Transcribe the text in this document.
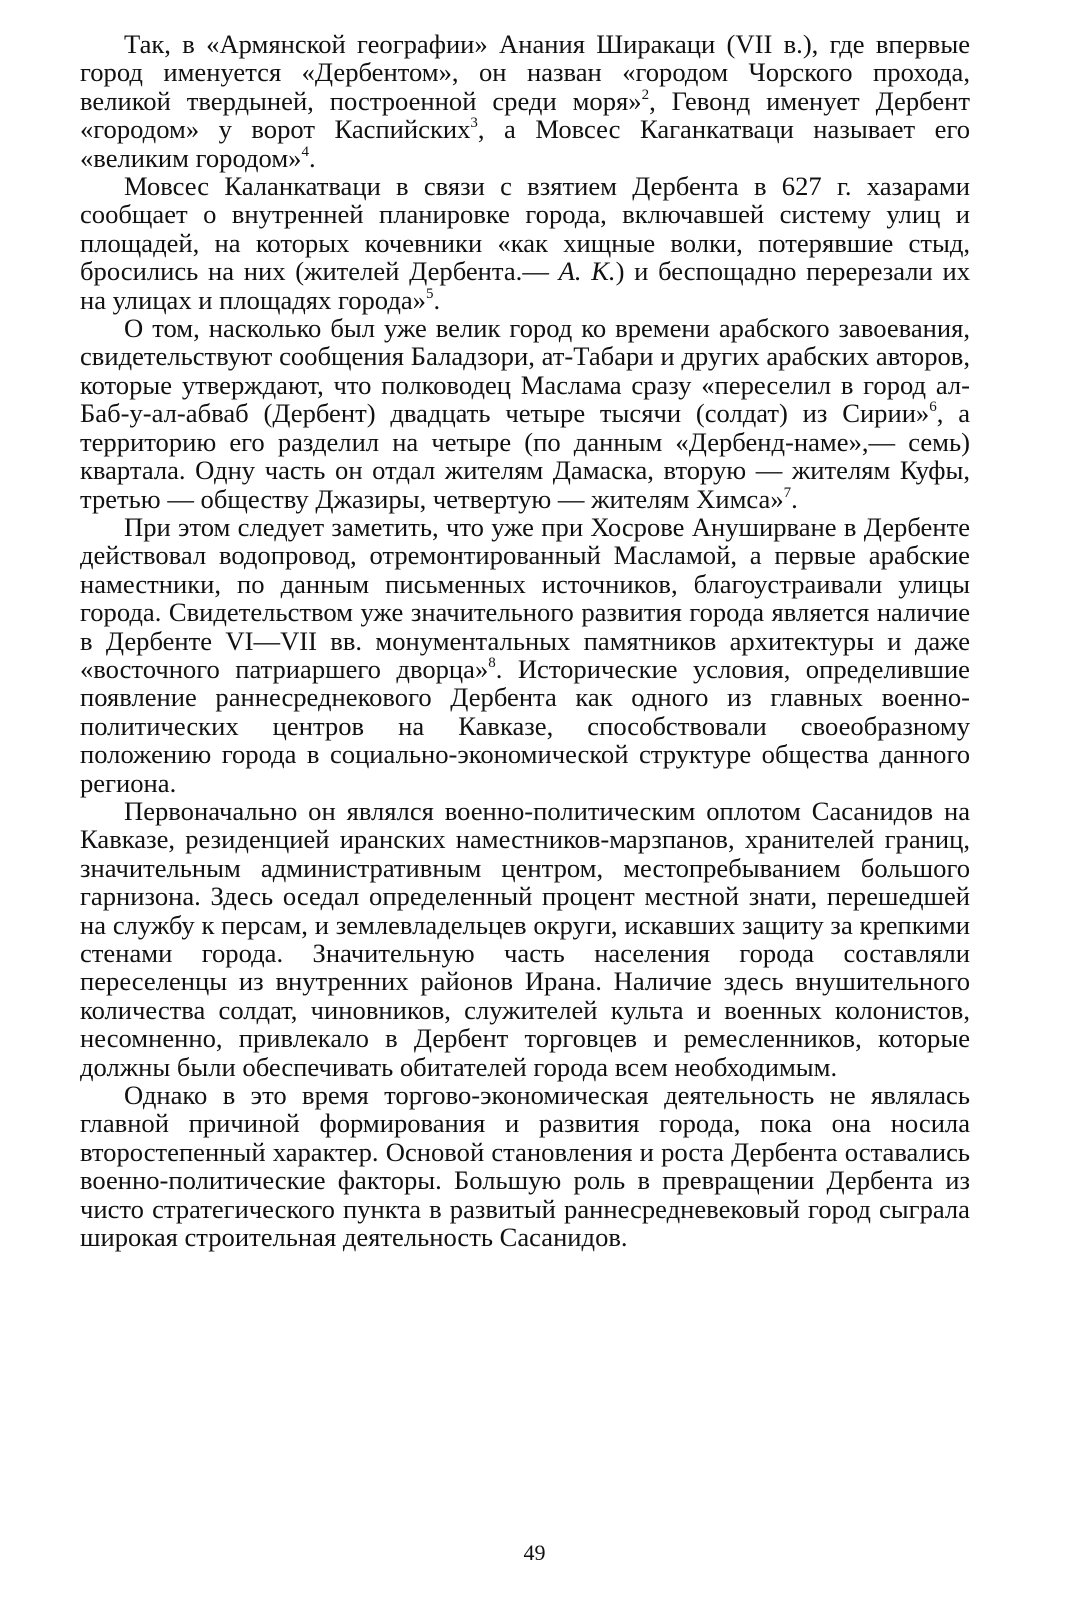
Так, в «Армянской географии» Анания Ширакаци (VII в.), где впервые город именуется «Дербентом», он назван «городом Чорского прохода, великой твердыней, построенной среди моря»$^2$, Гевонд именует Дербент «городом» у ворот Каспийских$^3$, а Мовсес Каганкатваци называет его «великим городом»$^4$.

Мовсес Каланкатваци в связи с взятием Дербента в 627 г. хазарами сообщает о внутренней планировке города, включавшей систему улиц и площадей, на которых кочевники «как хищные волки, потерявшие стыд, бросились на них (жителей Дербента.— А. К.) и беспощадно перерезали их на улицах и площадях города»$^5$.

О том, насколько был уже велик город ко времени арабского завоевания, свидетельствуют сообщения Баладзори, ат-Табари и других арабских авторов, которые утверждают, что полководец Маслама сразу «переселил в город ал-Баб-у-ал-абваб (Дербент) двадцать четыре тысячи (солдат) из Сирии»$^6$, а территорию его разделил на четыре (по данным «Дербенд-наме»,— семь) квартала. Одну часть он отдал жителям Дамаска, вторую — жителям Куфы, третью — обществу Джазиры, четвертую — жителям Химса»$^7$.

При этом следует заметить, что уже при Хосрове Ануширване в Дербенте действовал водопровод, отремонтированный Масламой, а первые арабские наместники, по данным письменных источников, благоустраивали улицы города. Свидетельством уже значительного развития города является наличие в Дербенте VI—VII вв. монументальных памятников архитектуры и даже «восточного патриаршего дворца»$^8$. Исторические условия, определившие появление раннесреднекового Дербента как одного из главных военно-политических центров на Кавказе, способствовали своеобразному положению города в социально-экономической структуре общества данного региона.

Первоначально он являлся военно-политическим оплотом Сасанидов на Кавказе, резиденцией иранских наместников-марзпанов, хранителей границ, значительным административным центром, местопребыванием большого гарнизона. Здесь оседал определенный процент местной знати, перешедшей на службу к персам, и землевладельцев округи, искавших защиту за крепкими стенами города. Значительную часть населения города составляли переселенцы из внутренних районов Ирана. Наличие здесь внушительного количества солдат, чиновников, служителей культа и военных колонистов, несомненно, привлекало в Дербент торговцев и ремесленников, которые должны были обеспечивать обитателей города всем необходимым.

Однако в это время торгово-экономическая деятельность не являлась главной причиной формирования и развития города, пока она носила второстепенный характер. Основой становления и роста Дербента оставались военно-политические факторы. Большую роль в превращении Дербента из чисто стратегического пункта в развитый раннесредневековый город сыграла широкая строительная деятельность Сасанидов.

49
